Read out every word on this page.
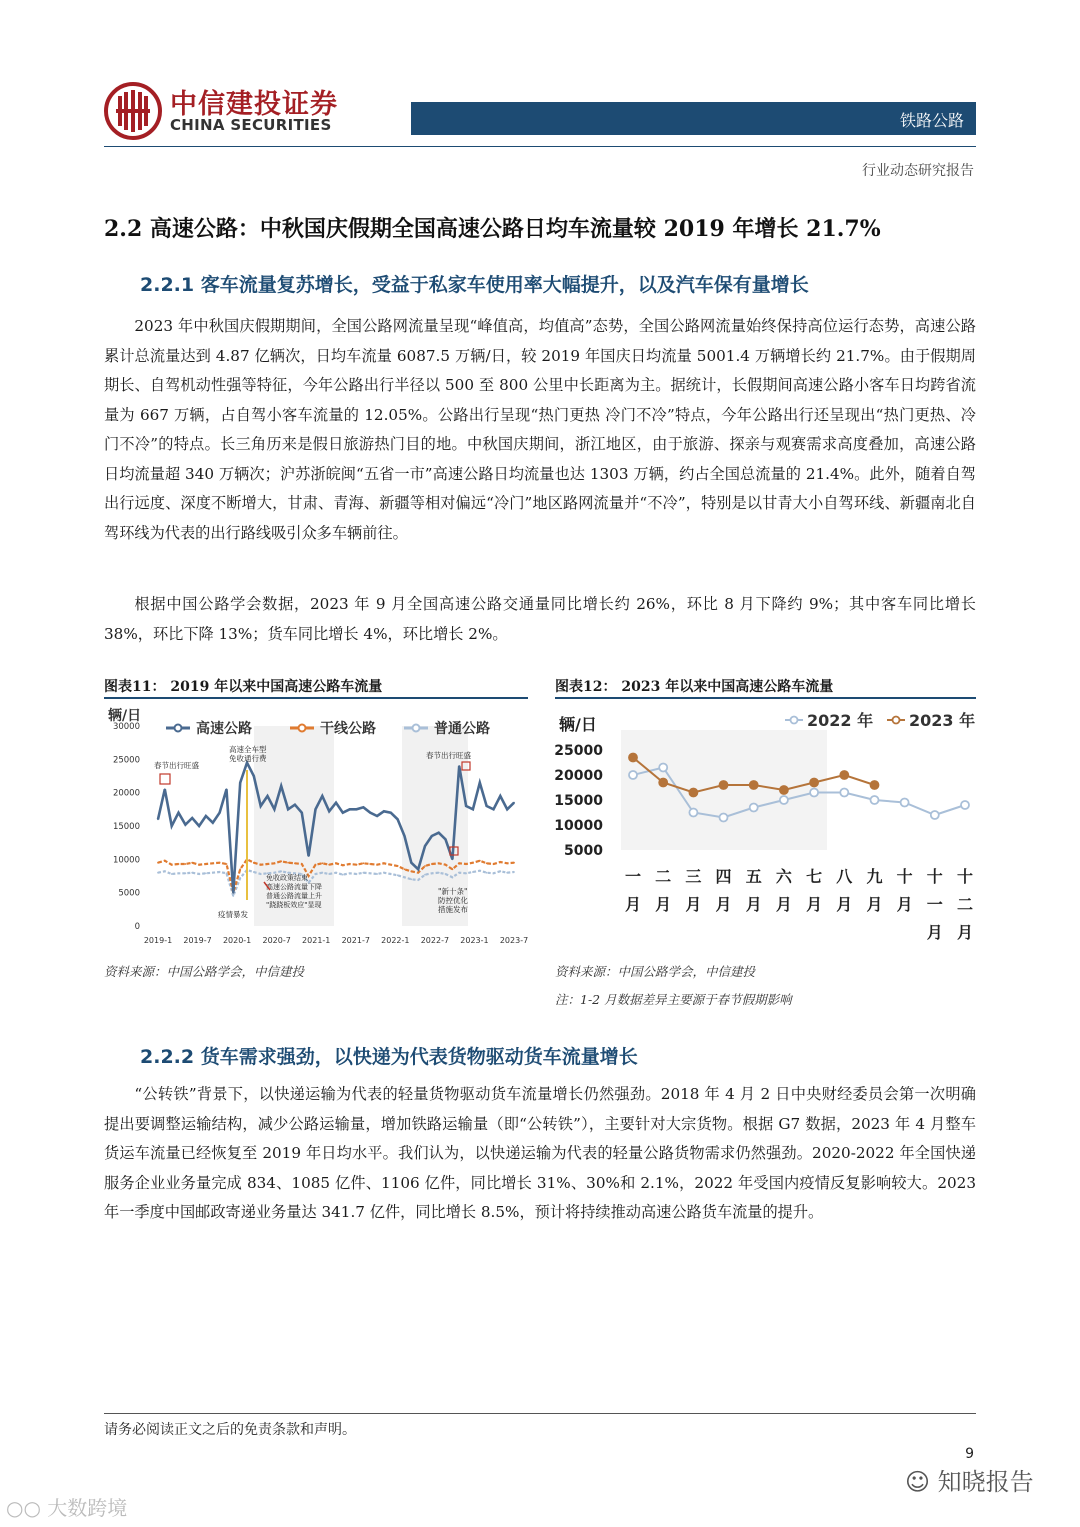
中信建投证券
CHINA SECURITIES	铁路公路
行业动态研究报告
2.2 高速公路：中秋国庆假期全国高速公路日均车流量较 2019 年增长 21.7%
2.2.1 客车流量复苏增长，受益于私家车使用率大幅提升，以及汽车保有量增长

2023 年中秋国庆假期期间，全国公路网流量呈现“峰值高，均值高”态势，全国公路网流量始终保持高位运行态势，高速公路累计总流量达到 4.87 亿辆次，日均车流量 6087.5 万辆/日，较 2019 年国庆日均流量 5001.4 万辆增长约 21.7%。由于假期周期长、自驾机动性强等特征，今年公路出行半径以 500 至 800 公里中长距离为主。据统计，长假期间高速公路小客车日均跨省流量为 667 万辆，占自驾小客车流量的 12.05%。公路出行呈现“热门更热 冷门不冷”特点，今年公路出行还呈现出“热门更热、冷门不冷”的特点。长三角历来是假日旅游热门目的地。中秋国庆期间，浙江地区，由于旅游、探亲与观赛需求高度叠加，高速公路日均流量超 340 万辆次；沪苏浙皖闽“五省一市”高速公路日均流量也达 1303 万辆，约占全国总流量的 21.4%。此外，随着自驾出行远度、深度不断增大，甘肃、青海、新疆等相对偏远“冷门”地区路网流量并“不冷”，特别是以甘青大小自驾环线、新疆南北自驾环线为代表的出行路线吸引众多车辆前往。

根据中国公路学会数据，2023 年 9 月全国高速公路交通量同比增长约 26%，环比 8 月下降约 9%；其中客车同比增长 38%，环比下降 13%；货车同比增长 4%，环比增长 2%。

图表11： 2019 年以来中国高速公路车流量
辆/日
高速公路	干线公路	普通公路
30000
25000
20000
15000
10000
5000
0
2019-1 2019-7 2020-1 2020-7 2021-1 2021-7 2022-1 2022-7 2023-1 2023-7
春节出行旺盛
高速全车型
免收通行费
疫情暴发
免收政策结束
高速公路流量下降
普通公路流量上升
"跷跷板效应"显现
"新十条"
防控优化
措施发布
春节出行旺盛
资料来源：中国公路学会，中信建投
图表12： 2023 年以来中国高速公路车流量
辆/日	2022 年 2023 年
25000
20000
15000
10000
5000
一
月
二
月
三
月
四
月
五
月
六
月
七
月
八
月
九
月
十
月
十
一
月
十
二
月
资料来源：中国公路学会，中信建投
注：1-2 月数据差异主要源于春节假期影响
2.2.2 货车需求强劲，以快递为代表货物驱动货车流量增长

“公转铁”背景下，以快递运输为代表的轻量货物驱动货车流量增长仍然强劲。2018 年 4 月 2 日中央财经委员会第一次明确提出要调整运输结构，减少公路运输量，增加铁路运输量（即“公转铁”），主要针对大宗货物。根据 G7 数据，2023 年 4 月整车货运车流量已经恢复至 2019 年日均水平。我们认为，以快递运输为代表的轻量公路货物需求仍然强劲。2020-2022 年全国快递服务企业业务量完成 834、1085 亿件、1106 亿件，同比增长 31%、30%和 2.1%，2022 年受国内疫情反复影响较大。2023 年一季度中国邮政寄递业务量达 341.7 亿件，同比增长 8.5%，预计将持续推动高速公路货车流量的提升。

请务必阅读正文之后的免责条款和声明。
9
☺ 知晓报告
○○ 大数跨境
